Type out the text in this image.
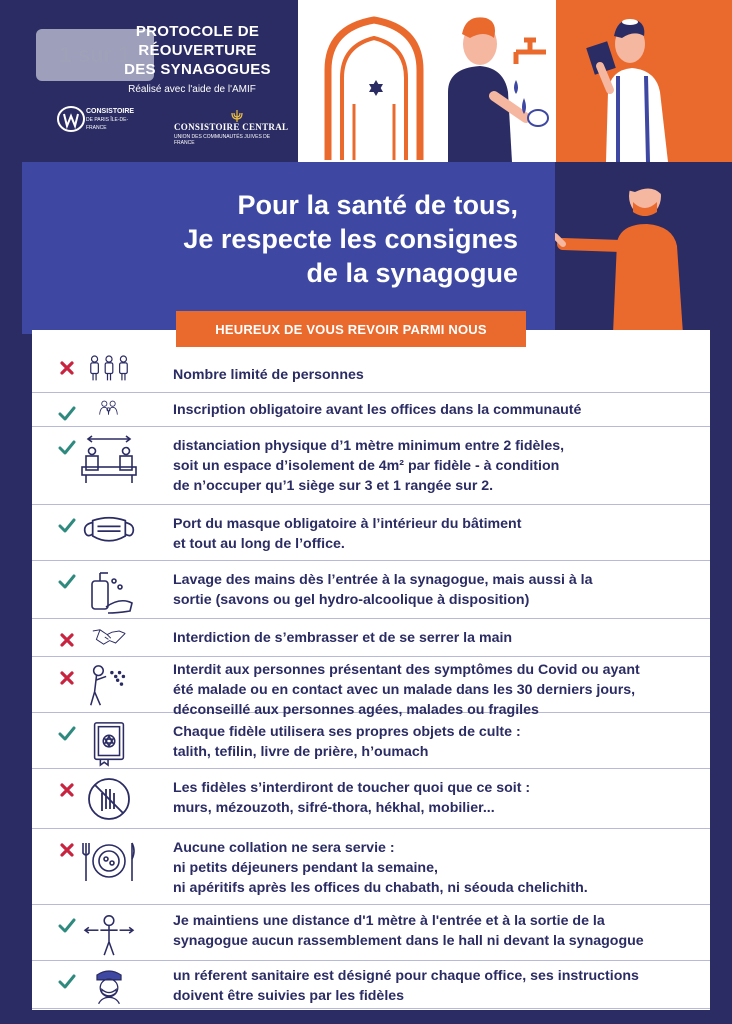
1 sur 1
PROTOCOLE DE
RÉOUVERTURE
DES SYNAGOGUES
Réalisé avec l'aide de l'AMIF
CONSISTOIRE
DE PARIS ÎLE-DE-FRANCE	CONSISTOIRE CENTRAL
UNION DES COMMUNAUTÉS JUIVES DE FRANCE
Pour la santé de tous,
Je respecte les consignes
de la synagogue
HEUREUX DE VOUS REVOIR PARMI NOUS
Nombre limité de personnes
Inscription obligatoire avant les offices dans la communauté
distanciation physique d’1 mètre minimum entre 2 fidèles,
soit un espace d’isolement de 4m² par fidèle - à condition
de n’occuper qu’1 siège sur 3 et 1 rangée sur 2.
Port du masque obligatoire à l’intérieur du bâtiment
et tout au long de l’office.
Lavage des mains dès l’entrée à la synagogue, mais aussi à la
sortie (savons ou gel hydro-alcoolique à disposition)
Interdiction de s’embrasser et de se serrer la main
Interdit aux personnes présentant des symptômes du Covid ou ayant
été malade ou en contact avec un malade dans les 30 derniers jours,
déconseillé aux personnes agées, malades ou fragiles
Chaque fidèle utilisera ses propres objets de culte :
talith, tefilin, livre de prière, h’oumach
Les fidèles s’interdiront de toucher quoi que ce soit :
murs, mézouzoth, sifré-thora, hékhal, mobilier...
Aucune collation ne sera servie :
ni petits déjeuners pendant la semaine,
ni apéritifs après les offices du chabath, ni séouda chelichith.
Je maintiens une distance d'1 mètre à l'entrée et à la sortie de la
synagogue aucun rassemblement dans le hall ni devant la synagogue
un réferent sanitaire est désigné pour chaque office, ses instructions
doivent être suivies par les fidèles
